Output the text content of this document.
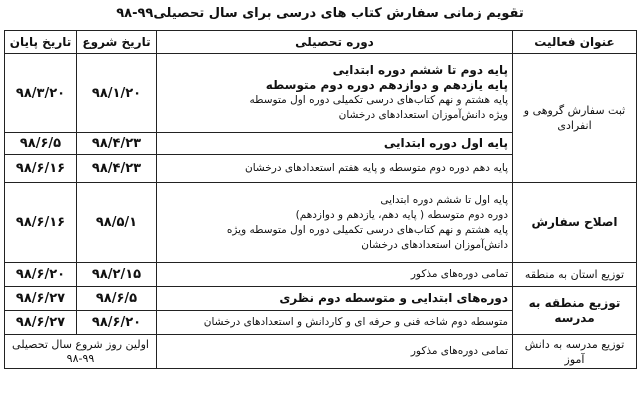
تقویم زمانی سفارش کتاب های درسی برای سال تحصیلی۹۹-۹۸
عنوان فعالیت	دوره تحصیلی	تاریخ شروع	تاریخ پایان
ثبت سفارش گروهی و انفرادی	پایه دوم تا ششم دوره ابتدایی
پایه یازدهم و دوازدهم دوره دوم متوسطه
پایه هشتم و نهم کتاب‌های درسی تکمیلی دوره اول متوسطه
ویژه دانش‌آموزان استعدادهای درخشان	۹۸/۱/۲۰	۹۸/۳/۲۰

	پایه اول دوره ابتدایی	۹۸/۴/۲۳	۹۸/۶/۵

	پایه دهم دوره دوم متوسطه و پایه هفتم استعدادهای درخشان	۹۸/۴/۲۳	۹۸/۶/۱۶
اصلاح سفارش	پایه اول تا ششم دوره ابتدایی
دوره دوم متوسطه ( پایه دهم، یازدهم و دوازدهم)
پایه هشتم و نهم کتاب‌های درسی تکمیلی دوره اول متوسطه ویژه
دانش‌آموزان استعدادهای درخشان	۹۸/۵/۱	۹۸/۶/۱۶
توزیع استان به منطقه	تمامی دوره‌های مذکور	۹۸/۲/۱۵	۹۸/۶/۲۰
توزیع منطقه به مدرسه	دوره‌های ابتدایی و متوسطه دوم نظری	۹۸/۶/۵	۹۸/۶/۲۷

	متوسطه دوم شاخه فنی و حرفه ای و کاردانش و استعدادهای درخشان	۹۸/۶/۲۰	۹۸/۶/۲۷
توزیع مدرسه به دانش آموز	تمامی دوره‌های مذکور	اولین روز شروع سال تحصیلی ۹۹-۹۸	
